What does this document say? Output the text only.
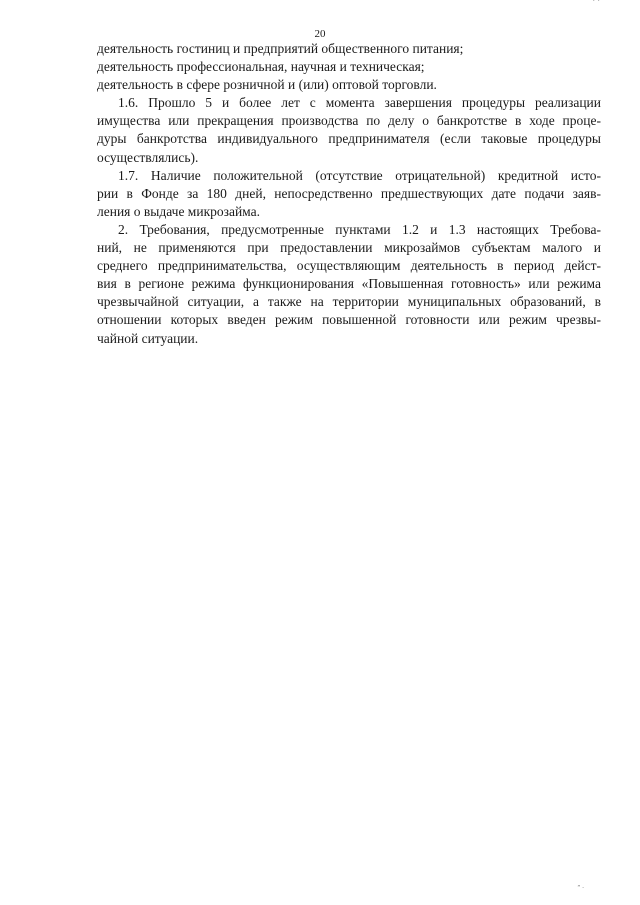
´ ´
20
деятельность гостиниц и предприятий общественного питания;
деятельность профессиональная, научная и техническая;
деятельность в сфере розничной и (или) оптовой торговли.
1.6. Прошло 5 и более лет с момента завершения процедуры реализации
имущества или прекращения производства по делу о банкротстве в ходе проце-
дуры банкротства индивидуального предпринимателя (если таковые процедуры
осуществлялись).
1.7. Наличие положительной (отсутствие отрицательной) кредитной исто-
рии в Фонде за 180 дней, непосредственно предшествующих дате подачи заяв-
ления о выдаче микрозайма.
2. Требования, предусмотренные пунктами 1.2 и 1.3 настоящих Требова-
ний, не применяются при предоставлении микрозаймов субъектам малого и
среднего предпринимательства, осуществляющим деятельность в период дейст-
вия в регионе режима функционирования «Повышенная готовность» или режима
чрезвычайной ситуации, а также на территории муниципальных образований, в
отношении которых введен режим повышенной готовности или режим чрезвы-
чайной ситуации.
ʺ ·
